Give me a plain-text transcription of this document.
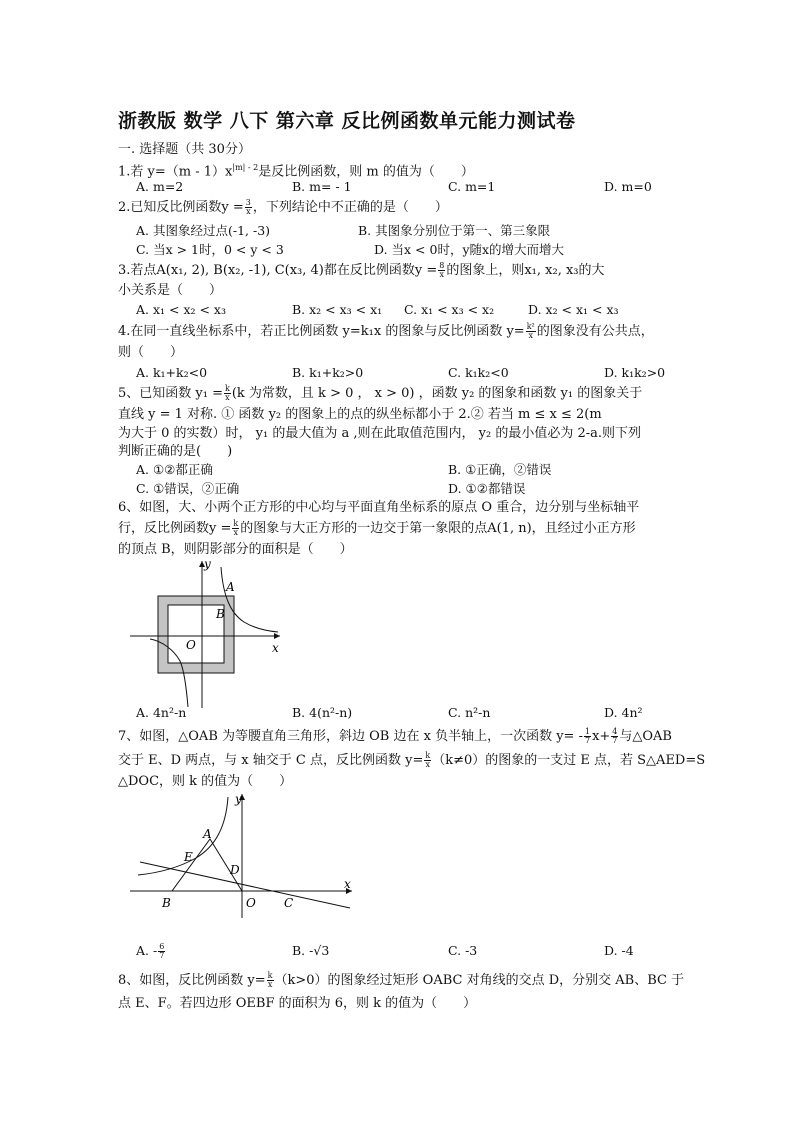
浙教版 数学 八下 第六章 反比例函数单元能力测试卷
一. 选择题（共 30分）
1.若 $y=(m - 1)x^{|m| - 2}$是反比例函数，则 m 的值为（　　）
A. m=2	B. m= - 1	C. m=1	D. m=0
2.已知反比例函数$y = \frac{3}{x}$ ，下列结论中不正确的是（　　）
A. 其图象经过点(-1, -3)	B. 其图象分别位于第一、第三象限
C. 当x > 1时，0 < y < 3	D. 当x < 0时，y随x的增大而增大
3.若点A(x₁, 2), B(x₂, -1), C(x₃, 4)都在反比例函数$y = \frac{8}{x}$ 的图象上，则x₁, x₂, x₃的大
小关系是（　　）
A. x₁ < x₂ < x₃	B. x₂ < x₃ < x₁ C. x₁ < x₃ < x₂	D. x₂ < x₁ < x₃
4.在同一直线坐标系中，若正比例函数 y=k₁x 的图象与反比例函数 $y= \frac{\text{k²}}{x}$ 的图象没有公共点，
则（　　）
A. k₁+k₂<0	B. k₁+k₂>0	C. k₁k₂<0	D. k₁k₂>0
5、已知函数 $y_1 = \frac{k}{x} (k$ 为常数，且 k > 0 ， x > 0) ，函数 y₂ 的图象和函数 y₁ 的图象关于
直线 y = 1 对称. ① 函数 y₂ 的图象上的点的纵坐标都小于 2.② 若当 m ≤ x ≤ 2(m
为大于 0 的实数）时， y₁ 的最大值为 a ,则在此取值范围内， y₂ 的最小值必为 2-a.则下列
判断正确的是(　　)
A. ①②都正确	B. ①正确，②错误
C. ①错误，②正确	D. ①②都错误
6、如图，大、小两个正方形的中心均与平面直角坐标系的原点 O 重合，边分别与坐标轴平
行，反比例函数$y = \frac{k}{x}$ 的图象与大正方形的一边交于第一象限的点A(1, n)，且经过小正方形
的顶点 B，则阴影部分的面积是（　　）
A
B
O	x
y
A. 4n²-n	B. 4(n²-n)	C. n²-n	D. 4n²
7、如图，△OAB 为等腰直角三角形，斜边 OB 边在 x 负半轴上，一次函数 $y= - \frac{1}{7} x+ \frac{4}{7}$ 与△OAB
交于 E、D 两点，与 x 轴交于 C 点，反比例函数 $y= \frac{k}{x} (k\ne 0)$的图象的一支过 E 点，若 S△AED=S
△DOC，则 k 的值为（　　）
y
A
E
D
B	O C
x
A. - $\frac{6}{7}$	B. -√3	C. -3	D. -4
8、如图，反比例函数 $y= \frac{k}{x} (k>0)$的图象经过矩形 OABC 对角线的交点 D，分别交 AB、BC 于
点 E、F。若四边形 OEBF 的面积为 6，则 k 的值为（　　）
